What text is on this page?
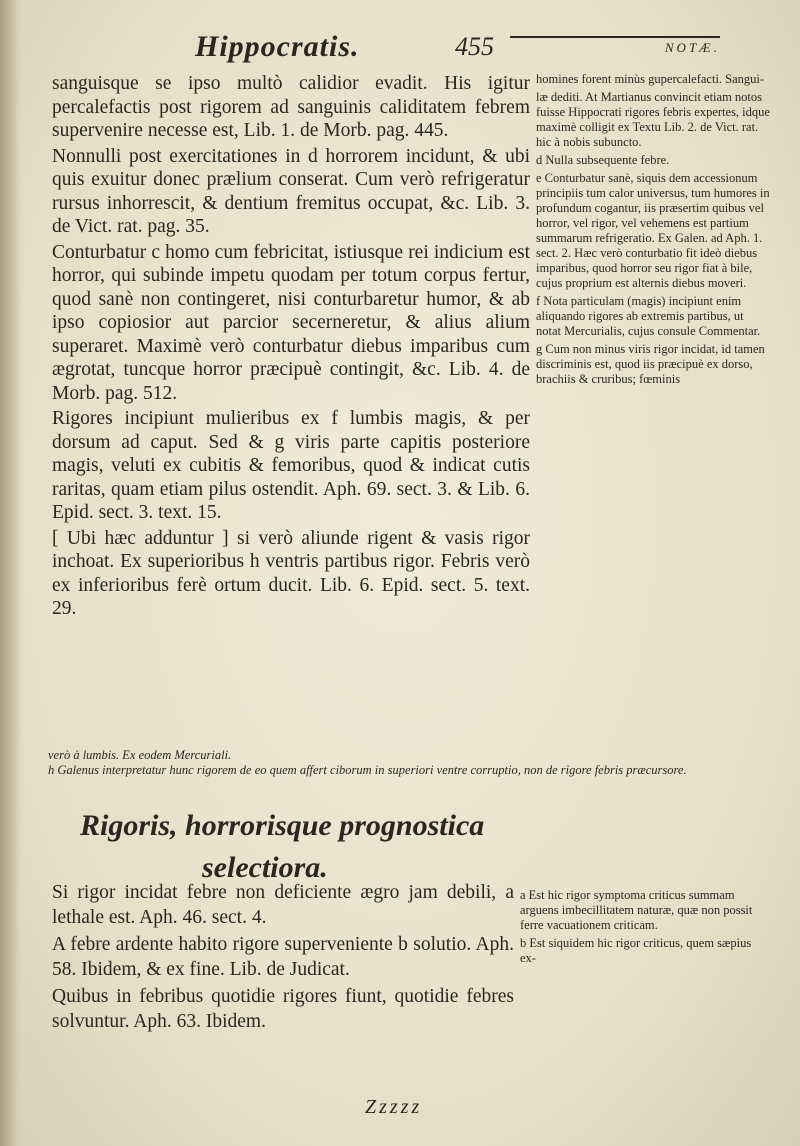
Hippocratis.	455	NOTÆ.

sanguisque se ipso multò calidior evadit. His igitur percalefactis post rigorem ad sanguinis caliditatem febrem supervenire necesse est, Lib. 1. de Morb. pag. 445.

Nonnulli post exercitationes in d horrorem incidunt, & ubi quis exuitur donec prælium conserat. Cum verò refrigeratur rursus inhorrescit, & dentium fremitus occupat, &c. Lib. 3. de Vict. rat. pag. 35.

Conturbatur c homo cum febricitat, istiusque rei indicium est horror, qui subinde impetu quodam per totum corpus fertur, quod sanè non contingeret, nisi conturbaretur humor, & ab ipso copiosior aut parcior secerneretur, & alius alium superaret. Maximè verò conturbatur diebus imparibus cum ægrotat, tuncque horror præcipuè contingit, &c. Lib. 4. de Morb. pag. 512.

Rigores incipiunt mulieribus ex f lumbis magis, & per dorsum ad caput. Sed & g viris parte capitis posteriore magis, veluti ex cubitis & femoribus, quod & indicat cutis raritas, quam etiam pilus ostendit. Aph. 69. sect. 3. & Lib. 6. Epid. sect. 3. text. 15.

[ Ubi hæc adduntur ] si verò aliunde rigent & vasis rigor inchoat. Ex superioribus h ventris partibus rigor. Febris verò ex inferioribus ferè ortum ducit. Lib. 6. Epid. sect. 5. text. 29.

homines forent minùs gupercalefacti. Sangui-

læ dediti. At Martianus convincit etiam notos fuisse Hippocrati rigores febris expertes, idque maximè colligit ex Textu Lib. 2. de Vict. rat. hic à nobis subuncto.

d Nulla subsequente febre.

e Conturbatur sanè, siquis dem accessionum principiis tum calor universus, tum humores in profundum cogantur, iis præsertim quibus vel horror, vel rigor, vel vehemens est partium summarum refrigeratio. Ex Galen. ad Aph. 1. sect. 2. Hæc verò conturbatio fit ideò diebus imparibus, quod horror seu rigor fiat à bile, cujus proprium est alternis diebus moveri.

f Nota particulam (magis) incipiunt enim aliquando rigores ab extremis partibus, ut notat Mercurialis, cujus consule Commentar.

g Cum non minus viris rigor incidat, id tamen discriminis est, quod iis præcipuè ex dorso, brachiis & cruribus; fœminis

verò à lumbis. Ex eodem Mercuriali.

h Galenus interpretatur hunc rigorem de eo quem affert ciborum in superiori ventre corruptio, non de rigore febris præcursore.

Rigoris, horrorisque prognostica
selectiora.

Si rigor incidat febre non deficiente ægro jam debili, a lethale est. Aph. 46. sect. 4.

A febre ardente habito rigore superveniente b solutio. Aph. 58. Ibidem, & ex fine. Lib. de Judicat.

Quibus in febribus quotidie rigores fiunt, quotidie febres solvuntur. Aph. 63. Ibidem.

a Est hic rigor symptoma criticus summam arguens imbecillitatem naturæ, quæ non possit ferre vacuationem criticam.

b Est siquidem hic rigor criticus, quem sæpius ex-

Zzzzz
